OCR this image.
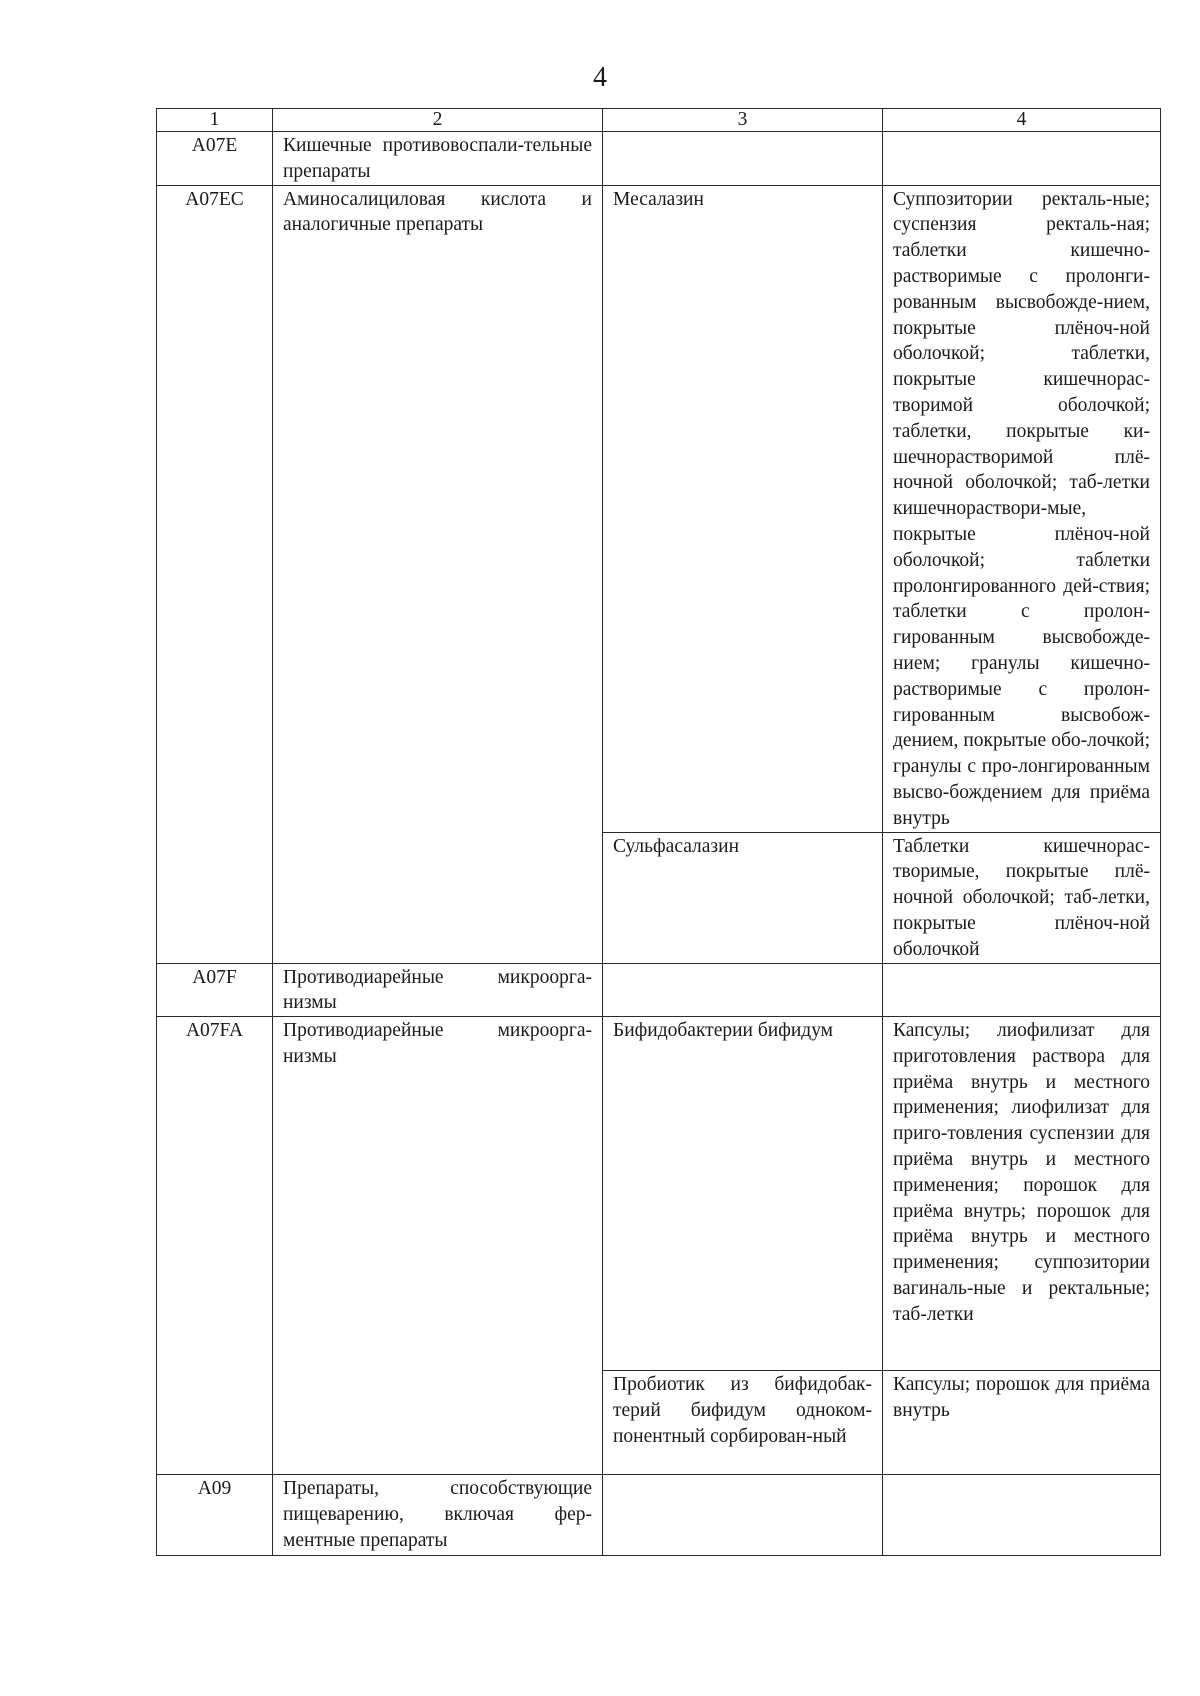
4
1	2	3	4
A07E	Кишечные противовоспали-тельные препараты		
A07EC	Аминосалициловая кислота и аналогичные препараты	Месалазин	Суппозитории ректаль-ные; суспензия ректаль-ная; таблетки кишечно-растворимые с пролонги-рованным высвобожде-нием, покрытые плёноч-ной оболочкой; таблетки, покрытые кишечнорас-творимой оболочкой; таблетки, покрытые ки-шечнорастворимой плё-ночной оболочкой; таб-летки кишечнораствори-мые, покрытые плёноч-ной оболочкой; таблетки пролонгированного дей-ствия; таблетки с пролон-гированным высвобожде-нием; гранулы кишечно-растворимые с пролон-гированным высвобож-дением, покрытые обо-лочкой; гранулы с про-лонгированным высво-бождением для приёма внутрь
		Сульфасалазин	Таблетки кишечнорас-творимые, покрытые плё-ночной оболочкой; таб-летки, покрытые плёноч-ной оболочкой
A07F	Противодиарейные микроорга-низмы		
A07FA	Противодиарейные микроорга-низмы	Бифидобактерии бифидум	Капсулы; лиофилизат для приготовления раствора для приёма внутрь и местного применения; лиофилизат для приго-товления суспензии для приёма внутрь и местного применения; порошок для приёма внутрь; порошок для приёма внутрь и местного применения; суппозитории вагиналь-ные и ректальные; таб-летки
		Пробиотик из бифидобак-терий бифидум одноком-понентный сорбирован-ный	Капсулы; порошок для приёма внутрь
A09	Препараты, способствующие пищеварению, включая фер-ментные препараты		
